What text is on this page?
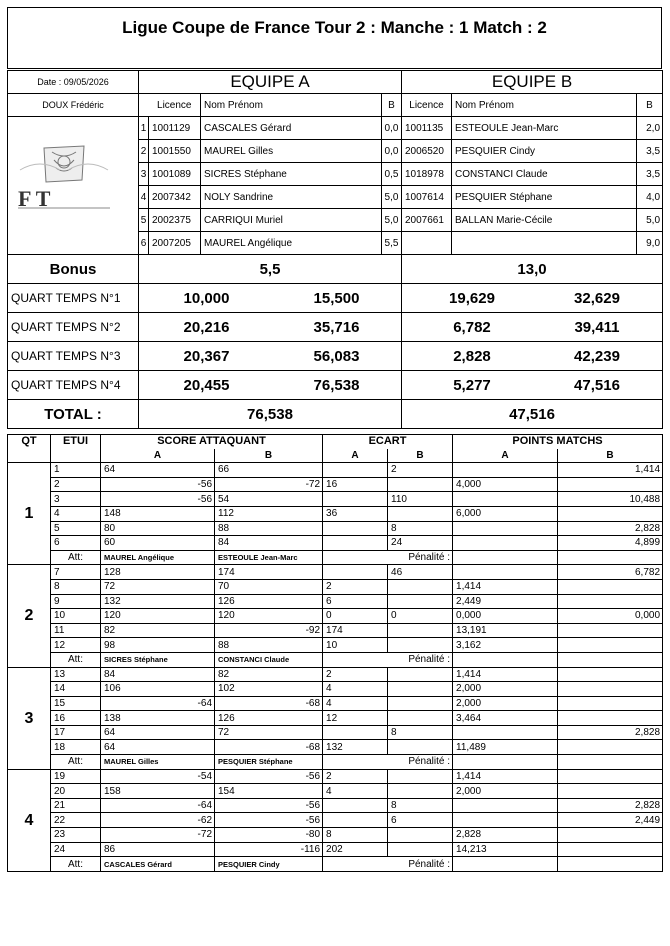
Ligue Coupe de France Tour 2 : Manche : 1 Match : 2
Date : 09/05/2026	EQUIPE A				EQUIPE B		
DOUX Frédéric		Licence	Nom Prénom	B	Licence	Nom Prénom	B
	1	1001129	CASCALES Gérard	0,0	1001135	ESTEOULE Jean-Marc	2,0
	2	1001550	MAUREL Gilles	0,0	2006520	PESQUIER Cindy	3,5
	3	1001089	SICRES Stéphane	0,5	1018978	CONSTANCI Claude	3,5
	4	2007342	NOLY Sandrine	5,0	1007614	PESQUIER Stéphane	4,0
	5	2002375	CARRIQUI Muriel	5,0	2007661	BALLAN Marie-Cécile	5,0
	6	2007205	MAUREL Angélique	5,5			9,0
Bonus	5,5				13,0		
QUART TEMPS N°1	10,000 15,500				19,629 32,629		
QUART TEMPS N°2	20,216 35,716				6,782 39,411		
QUART TEMPS N°3	20,367 56,083				2,828 42,239		
QUART TEMPS N°4	20,455 76,538				5,277 47,516		
TOTAL :	76,538				47,516		
F T
QT	ETUI	SCORE ATTAQUANT		ECART		POINTS MATCHS	
		A	B	A	B	A	B
1	1	64	66		2		1,414
	2	-56	-72	16		4,000	
	3	-56	54		110		10,488
	4	148	112	36		6,000	
	5	80	88		8		2,828
	6	60	84		24		4,899
	Att:	MAUREL Angélique	ESTEOULE Jean-Marc	Pénalité :			
2	7	128	174		46		6,782
	8	72	70	2		1,414	
	9	132	126	6		2,449	
	10	120	120	0	0	0,000	0,000
	11	82	-92	174		13,191	
	12	98	88	10		3,162	
	Att:	SICRES Stéphane	CONSTANCI Claude	Pénalité :			
3	13	84	82	2		1,414	
	14	106	102	4		2,000	
	15	-64	-68	4		2,000	
	16	138	126	12		3,464	
	17	64	72		8		2,828
	18	64	-68	132		11,489	
	Att:	MAUREL Gilles	PESQUIER Stéphane	Pénalité :			
4	19	-54	-56	2		1,414	
	20	158	154	4		2,000	
	21	-64	-56		8		2,828
	22	-62	-56		6		2,449
	23	-72	-80	8		2,828	
	24	86	-116	202		14,213	
	Att:	CASCALES Gérard	PESQUIER Cindy	Pénalité :			
